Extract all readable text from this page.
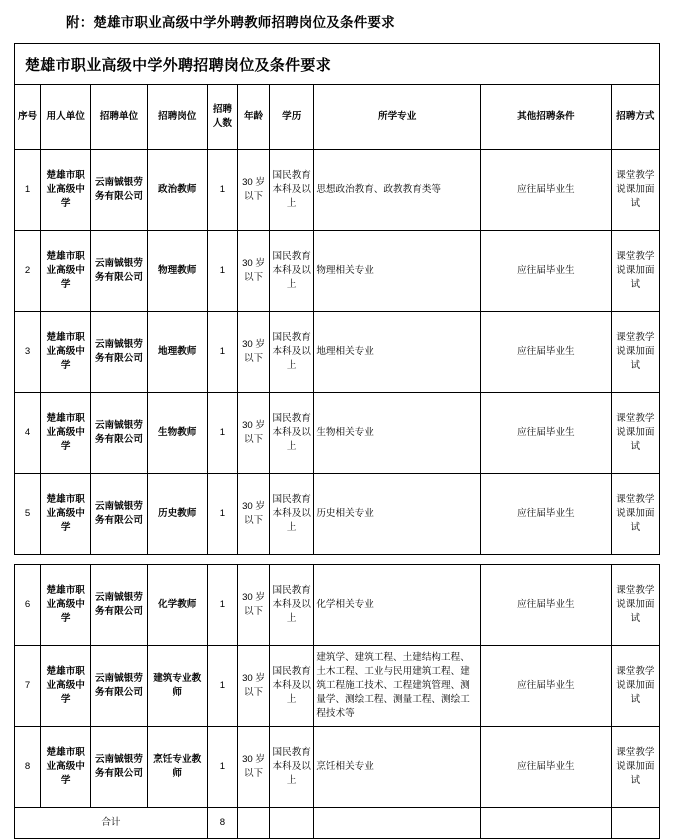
附：楚雄市职业高级中学外聘教师招聘岗位及条件要求
楚雄市职业高级中学外聘招聘岗位及条件要求
序号	用人单位	招聘单位	招聘岗位	招聘人数	年龄	学历	所学专业	其他招聘条件	招聘方式
1	楚雄市职业高级中学	云南铖银劳务有限公司	政治教师	1	30 岁以下	国民教育本科及以上	思想政治教育、政教教育类等	应往届毕业生	课堂教学说课加面试
2	楚雄市职业高级中学	云南铖银劳务有限公司	物理教师	1	30 岁以下	国民教育本科及以上	物理相关专业	应往届毕业生	课堂教学说课加面试
3	楚雄市职业高级中学	云南铖银劳务有限公司	地理教师	1	30 岁以下	国民教育本科及以上	地理相关专业	应往届毕业生	课堂教学说课加面试
4	楚雄市职业高级中学	云南铖银劳务有限公司	生物教师	1	30 岁以下	国民教育本科及以上	生物相关专业	应往届毕业生	课堂教学说课加面试
5	楚雄市职业高级中学	云南铖银劳务有限公司	历史教师	1	30 岁以下	国民教育本科及以上	历史相关专业	应往届毕业生	课堂教学说课加面试
6	楚雄市职业高级中学	云南铖银劳务有限公司	化学教师	1	30 岁以下	国民教育本科及以上	化学相关专业	应往届毕业生	课堂教学说课加面试
7	楚雄市职业高级中学	云南铖银劳务有限公司	建筑专业教师	1	30 岁以下	国民教育本科及以上	建筑学、建筑工程、土建结构工程、土木工程、工业与民用建筑工程、建筑工程施工技术、工程建筑管理、测量学、测绘工程、测量工程、测绘工程技术等	应往届毕业生	课堂教学说课加面试
8	楚雄市职业高级中学	云南铖银劳务有限公司	烹饪专业教师	1	30 岁以下	国民教育本科及以上	烹饪相关专业	应往届毕业生	课堂教学说课加面试
合计				8					
